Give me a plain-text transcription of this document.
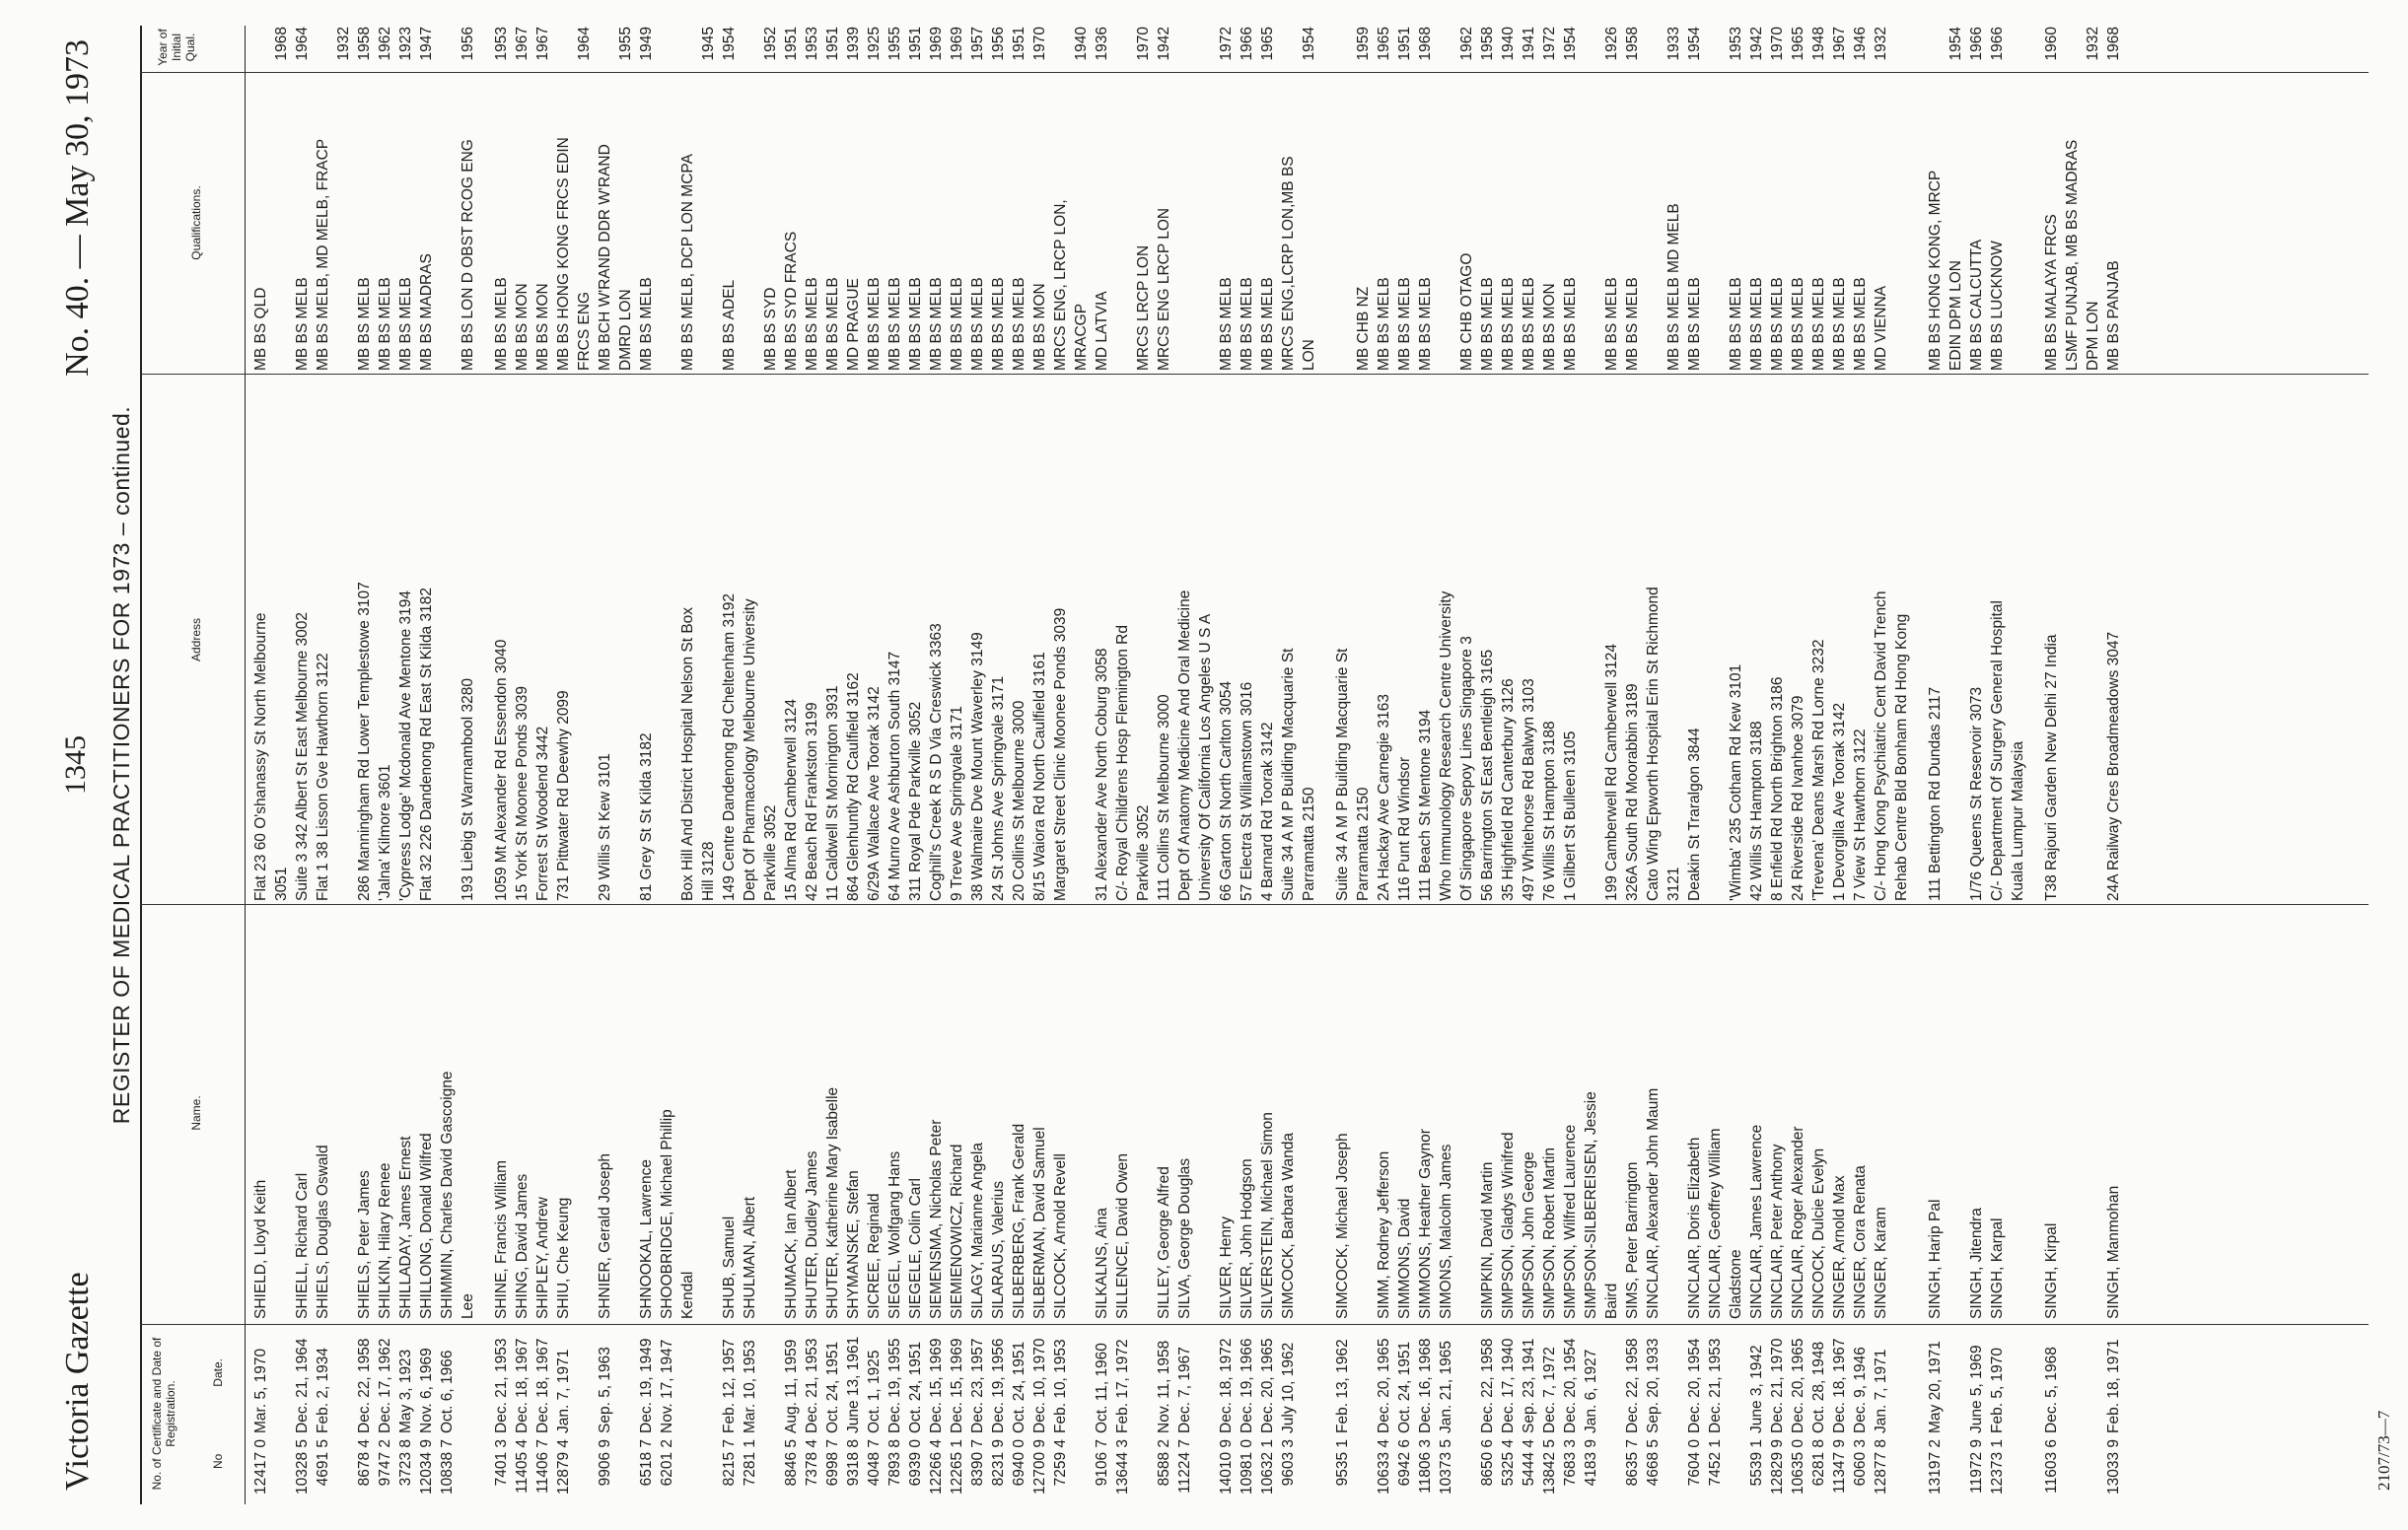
Victoria Gazette
1345
No. 40. — May 30, 1973
REGISTER OF MEDICAL PRACTITIONERS FOR 1973 – continued.
No. of Certificate and Date of Registration.
No
Date.
Name.
Address
Qualifications.
Year of Initial Qual.
12417 0
Mar. 5, 1970
SHIELD, Lloyd Keith
Flat 23 60 O'shanassy St North Melbourne
MB BS QLD
3051
1968
10328 5
Dec. 21, 1964
SHIELL, Richard Carl
Suite 3 342 Albert St East Melbourne 3002
MB BS MELB
1964
4691 5
Feb. 2, 1934
SHIELS, Douglas Oswald
Flat 1 38 Lisson Gve Hawthorn 3122
MB BS MELB, MD MELB, FRACP
1932
8678 4
Dec. 22, 1958
SHIELS, Peter James
286 Manningham Rd Lower Templestowe 3107
MB BS MELB
1958
9747 2
Dec. 17, 1962
SHILKIN, Hilary Renee
'Jalna' Kilmore 3601
MB BS MELB
1962
3723 8
May 3, 1923
SHILLADAY, James Ernest
'Cypress Lodge' Mcdonald Ave Mentone 3194
MB BS MELB
1923
12034 9
Nov. 6, 1969
SHILLONG, Donald Wilfred
Flat 32 226 Dandenong Rd East St Kilda 3182
MB BS MADRAS
1947
10838 7
Oct. 6, 1966
SHIMMIN, Charles David Gascoigne Lee
193 Liebig St Warrnambool 3280
MB BS LON D OBST RCOG ENG
1956
7401 3
Dec. 21, 1953
SHINE, Francis William
1059 Mt Alexander Rd Essendon 3040
MB BS MELB
1953
11405 4
Dec. 18, 1967
SHING, David James
15 York St Moonee Ponds 3039
MB BS MON
1967
11406 7
Dec. 18, 1967
SHIPLEY, Andrew
Forrest St Woodend 3442
MB BS MON
1967
12879 4
Jan. 7, 1971
SHIU, Che Keung
731 Pittwater Rd Deewhy 2099
MB BS HONG KONG FRCS EDIN FRCS ENG
1964
9906 9
Sep. 5, 1963
SHNIER, Gerald Joseph
29 Willis St Kew 3101
MB BCH W'RAND DDR W'RAND DMRD LON
1955
6518 7
Dec. 19, 1949
SHNOOKAL, Lawrence
81 Grey St St Kilda 3182
MB BS MELB
1949
6201 2
Nov. 17, 1947
SHOOBRIDGE, Michael Phillip Kendal
Box Hill And District Hospital Nelson St Box
MB BS MELB, DCP LON MCPA
Hill 3128
1945
8215 7
Feb. 12, 1957
SHUB, Samuel
149 Centre Dandenong Rd Cheltenham 3192
MB BS ADEL
1954
7281 1
Mar. 10, 1953
SHULMAN, Albert
Dept Of Pharmacology Melbourne University Parkville 3052
MB BS SYD
1952
8846 5
Aug. 11, 1959
SHUMACK, Ian Albert
15 Alma Rd Camberwell 3124
MB BS SYD FRACS
1951
7378 4
Dec. 21, 1953
SHUTER, Dudley James
42 Beach Rd Frankston 3199
MB BS MELB
1953
6998 7
Oct. 24, 1951
SHUTER, Katherine Mary Isabelle
11 Caldwell St Mornington 3931
MB BS MELB
1951
9318 8
June 13, 1961
SHYMANSKE, Stefan
864 Glenhuntly Rd Caulfield 3162
MD PRAGUE
1939
4048 7
Oct. 1, 1925
SICREE, Reginald
6/29A Wallace Ave Toorak 3142
MB BS MELB
1925
7893 8
Dec. 19, 1955
SIEGEL, Wolfgang Hans
64 Munro Ave Ashburton South 3147
MB BS MELB
1955
6939 0
Oct. 24, 1951
SIEGELE, Colin Carl
311 Royal Pde Parkville 3052
MB BS MELB
1951
12266 4
Dec. 15, 1969
SIEMENSMA, Nicholas Peter
Coghill's Creek R S D Via Creswick 3363
MB BS MELB
1969
12265 1
Dec. 15, 1969
SIEMIENOWICZ, Richard
9 Treve Ave Springvale 3171
MB BS MELB
1969
8390 7
Dec. 23, 1957
SILAGY, Marianne Angela
38 Walmaire Dve Mount Waverley 3149
MB BS MELB
1957
8231 9
Dec. 19, 1956
SILARAUS, Valerius
24 St Johns Ave Springvale 3171
MB BS MELB
1956
6940 0
Oct. 24, 1951
SILBERBERG, Frank Gerald
20 Collins St Melbourne 3000
MB BS MELB
1951
12700 9
Dec. 10, 1970
SILBERMAN, David Samuel
8/15 Waiora Rd North Caulfield 3161
MB BS MON
1970
7259 4
Feb. 10, 1953
SILCOCK, Arnold Revell
Margaret Street Clinic Moonee Ponds 3039
MRCS ENG, LRCP LON, MRACGP
1940
9106 7
Oct. 11, 1960
SILKALNS, Aina
31 Alexander Ave North Coburg 3058
MD LATVIA
1936
13644 3
Feb. 17, 1972
SILLENCE, David Owen
C/- Royal Childrens Hosp Flemington Rd Parkville 3052
MRCS LRCP LON
1970
8588 2
Nov. 11, 1958
SILLEY, George Alfred
111 Collins St Melbourne 3000
MRCS ENG LRCP LON
1942
11224 7
Dec. 7, 1967
SILVA, George Douglas
Dept Of Anatomy Medicine And Oral Medicine University Of California Los Angeles U S A
14010 9
Dec. 18, 1972
SILVER, Henry
66 Garton St North Carlton 3054
MB BS MELB
1972
10981 0
Dec. 19, 1966
SILVER, John Hodgson
57 Electra St Williamstown 3016
MB BS MELB
1966
10632 1
Dec. 20, 1965
SILVERSTEIN, Michael Simon
4 Barnard Rd Toorak 3142
MB BS MELB
1965
9603 3
July 10, 1962
SIMCOCK, Barbara Wanda
Suite 34 A M P Building Macquarie St
MRCS ENG,LCRP LON,MB BS
Parramatta 2150
LON
1954
9535 1
Feb. 13, 1962
SIMCOCK, Michael Joseph
Suite 34 A M P Building Macquarie St Parramatta 2150
MB CHB NZ
1959
10633 4
Dec. 20, 1965
SIMM, Rodney Jefferson
2A Hackay Ave Carnegie 3163
MB BS MELB
1965
6942 6
Oct. 24, 1951
SIMMONS, David
116 Punt Rd Windsor
MB BS MELB
1951
11806 3
Dec. 16, 1968
SIMMONS, Heather Gaynor
111 Beach St Mentone 3194
MB BS MELB
1968
10373 5
Jan. 21, 1965
SIMONS, Malcolm James
Who Immunology Research Centre University Of Singapore Sepoy Lines Singapore 3
MB CHB OTAGO
1962
8650 6
Dec. 22, 1958
SIMPKIN, David Martin
56 Barrington St East Bentleigh 3165
MB BS MELB
1958
5325 4
Dec. 17, 1940
SIMPSON, Gladys Winifred
35 Highfield Rd Canterbury 3126
MB BS MELB
1940
5444 4
Sep. 23, 1941
SIMPSON, John George
497 Whitehorse Rd Balwyn 3103
MB BS MELB
1941
13842 5
Dec. 7, 1972
SIMPSON, Robert Martin
76 Willis St Hampton 3188
MB BS MON
1972
7683 3
Dec. 20, 1954
SIMPSON, Wilfred Laurence
1 Gilbert St Bulleen 3105
MB BS MELB
1954
4183 9
Jan. 6, 1927
SIMPSON-SILBEREISEN, Jessie Baird
199 Camberwell Rd Camberwell 3124
MB BS MELB
1926
8635 7
Dec. 22, 1958
SIMS, Peter Barrington
326A South Rd Moorabbin 3189
MB BS MELB
1958
4668 5
Sep. 20, 1933
SINCLAIR, Alexander John Maum
Cato Wing Epworth Hospital Erin St Richmond 3121
MB BS MELB MD MELB
1933
7604 0
Dec. 20, 1954
SINCLAIR, Doris Elizabeth
Deakin St Traralgon 3844
MB BS MELB
1954
7452 1
Dec. 21, 1953
SINCLAIR, Geoffrey William Gladstone
'Wimba' 235 Cotham Rd Kew 3101
MB BS MELB
1953
5539 1
June 3, 1942
SINCLAIR, James Lawrence
42 Willis St Hampton 3188
MB BS MELB
1942
12829 9
Dec. 21, 1970
SINCLAIR, Peter Anthony
8 Enfield Rd North Brighton 3186
MB BS MELB
1970
10635 0
Dec. 20, 1965
SINCLAIR, Roger Alexander
24 Riverside Rd Ivanhoe 3079
MB BS MELB
1965
6281 8
Oct. 28, 1948
SINCOCK, Dulcie Evelyn
'Trevena' Deans Marsh Rd Lorne 3232
MB BS MELB
1948
11347 9
Dec. 18, 1967
SINGER, Arnold Max
1 Devorgilla Ave Toorak 3142
MB BS MELB
1967
6060 3
Dec. 9, 1946
SINGER, Cora Renata
7 View St Hawthorn 3122
MB BS MELB
1946
12877 8
Jan. 7, 1971
SINGER, Karam
C/- Hong Kong Psychiatric Cent David Trench
MD VIENNA
1932
Rehab Centre Bld Bonham Rd Hong Kong
13197 2
May 20, 1971
SINGH, Harip Pal
111 Bettington Rd Dundas 2117
MB BS HONG KONG, MRCP EDIN DPM LON
1954
11972 9
June 5, 1969
SINGH, Jitendra
1/76 Queens St Reservoir 3073
MB BS CALCUTTA
1966
12373 1
Feb. 5, 1970
SINGH, Karpal
C/- Department Of Surgery General Hospital
MB BS LUCKNOW
1966
Kuala Lumpur Malaysia
11603 6
Dec. 5, 1968
SINGH, Kirpal
T38 Rajouri Garden New Delhi 27 India
MB BS MALAYA FRCS
1960
LSMF PUNJAB, MB BS MADRAS DPM LON
1932
13033 9
Feb. 18, 1971
SINGH, Manmohan
24A Railway Cres Broadmeadows 3047
MB BS PANJAB
1968
2107/73—7
